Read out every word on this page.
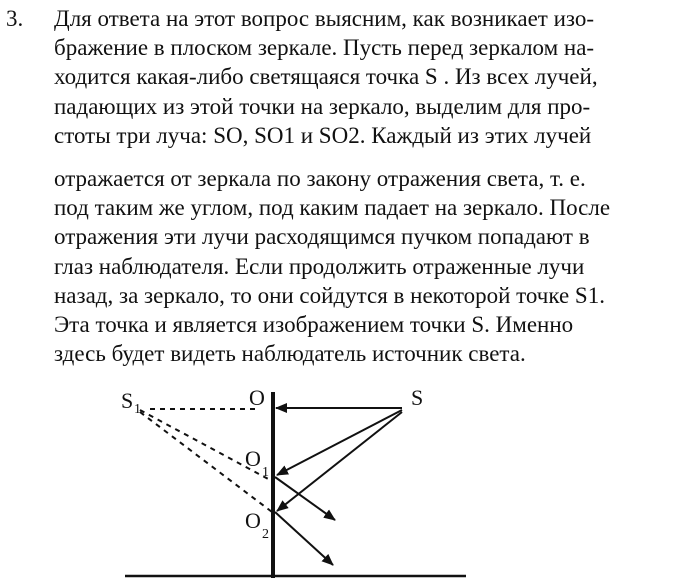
3. Для ответа на этот вопрос выясним, как возникает изо-
бражение в плоском зеркале. Пусть перед зеркалом на-
ходится какая-либо светящаяся точка S . Из всех лучей,
падающих из этой точки на зеркало, выделим для про-
стоты три луча: SO, SO1 и SO2. Каждый из этих лучей
отражается от зеркала по закону отражения света, т. е.
под таким же углом, под каким падает на зеркало. После
отражения эти лучи расходящимся пучком попадают в
глаз наблюдателя. Если продолжить отраженные лучи
назад, за зеркало, то они сойдутся в некоторой точке S1.
Эта точка и является изображением точки S. Именно
здесь будет видеть наблюдатель источник света.
S 1	O
O
1
O
2
S
